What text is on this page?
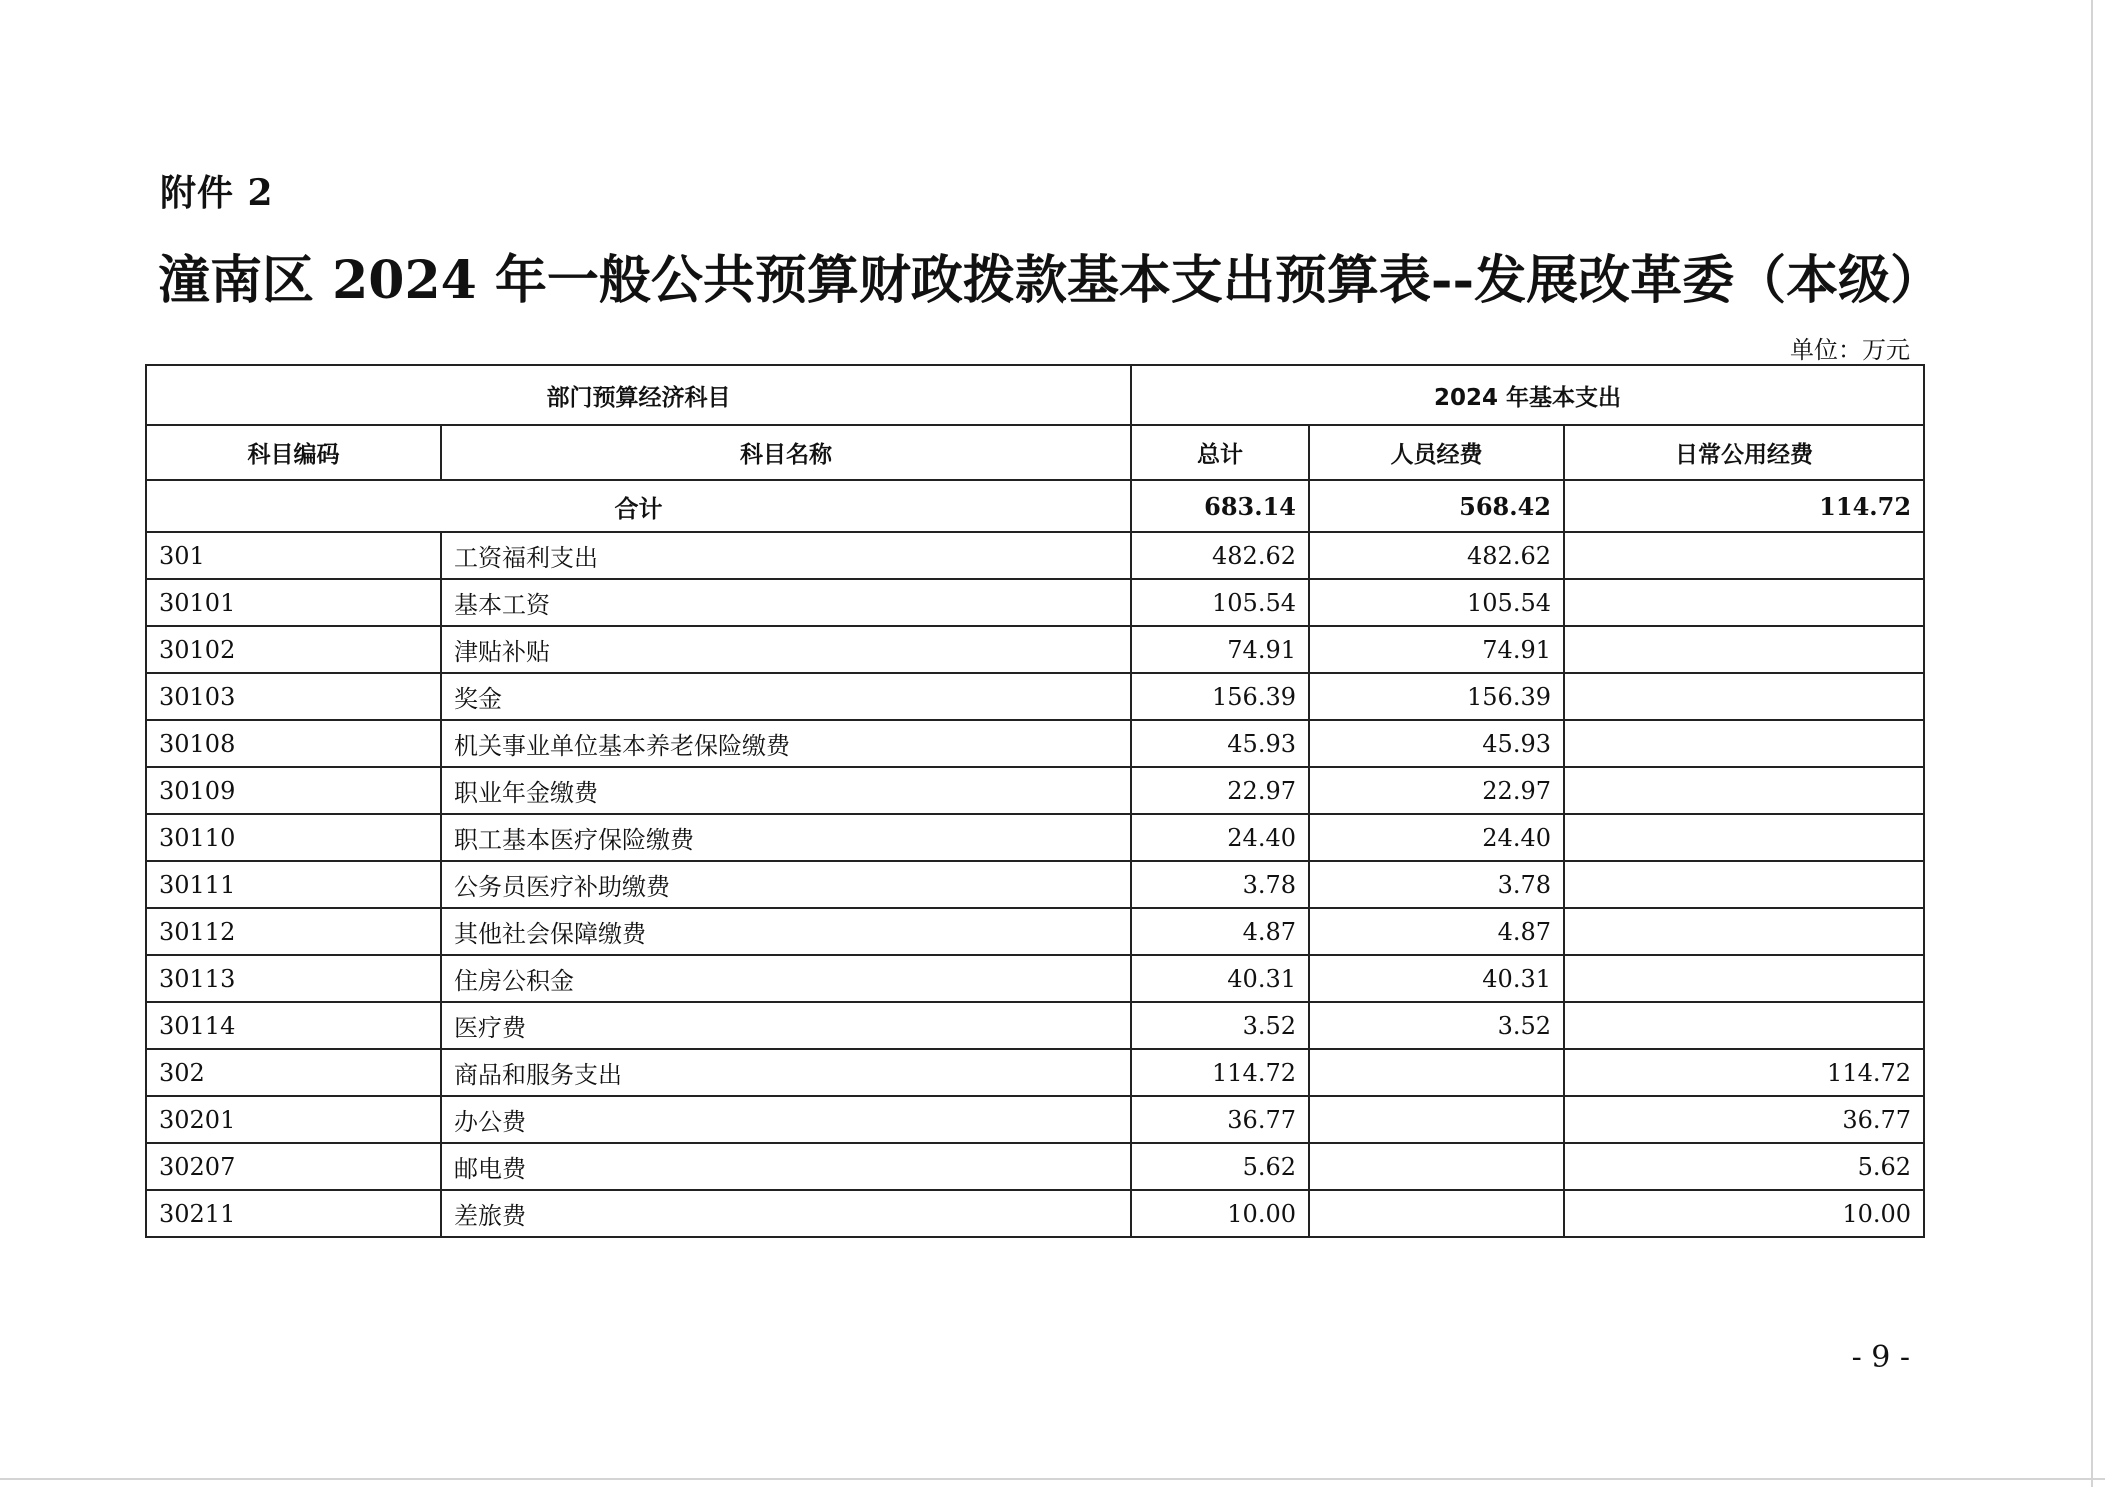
附件 2
潼南区 2024 年一般公共预算财政拨款基本支出预算表--发展改革委（本级）
单位：万元
部门预算经济科目		2024 年基本支出		
科目编码	科目名称	总计	人员经费	日常公用经费
合计		683.14	568.42	114.72
301	工资福利支出	482.62	482.62	
30101	基本工资	105.54	105.54	
30102	津贴补贴	74.91	74.91	
30103	奖金	156.39	156.39	
30108	机关事业单位基本养老保险缴费	45.93	45.93	
30109	职业年金缴费	22.97	22.97	
30110	职工基本医疗保险缴费	24.40	24.40	
30111	公务员医疗补助缴费	3.78	3.78	
30112	其他社会保障缴费	4.87	4.87	
30113	住房公积金	40.31	40.31	
30114	医疗费	3.52	3.52	
302	商品和服务支出	114.72		114.72
30201	办公费	36.77		36.77
30207	邮电费	5.62		5.62
30211	差旅费	10.00		10.00
- 9 -
